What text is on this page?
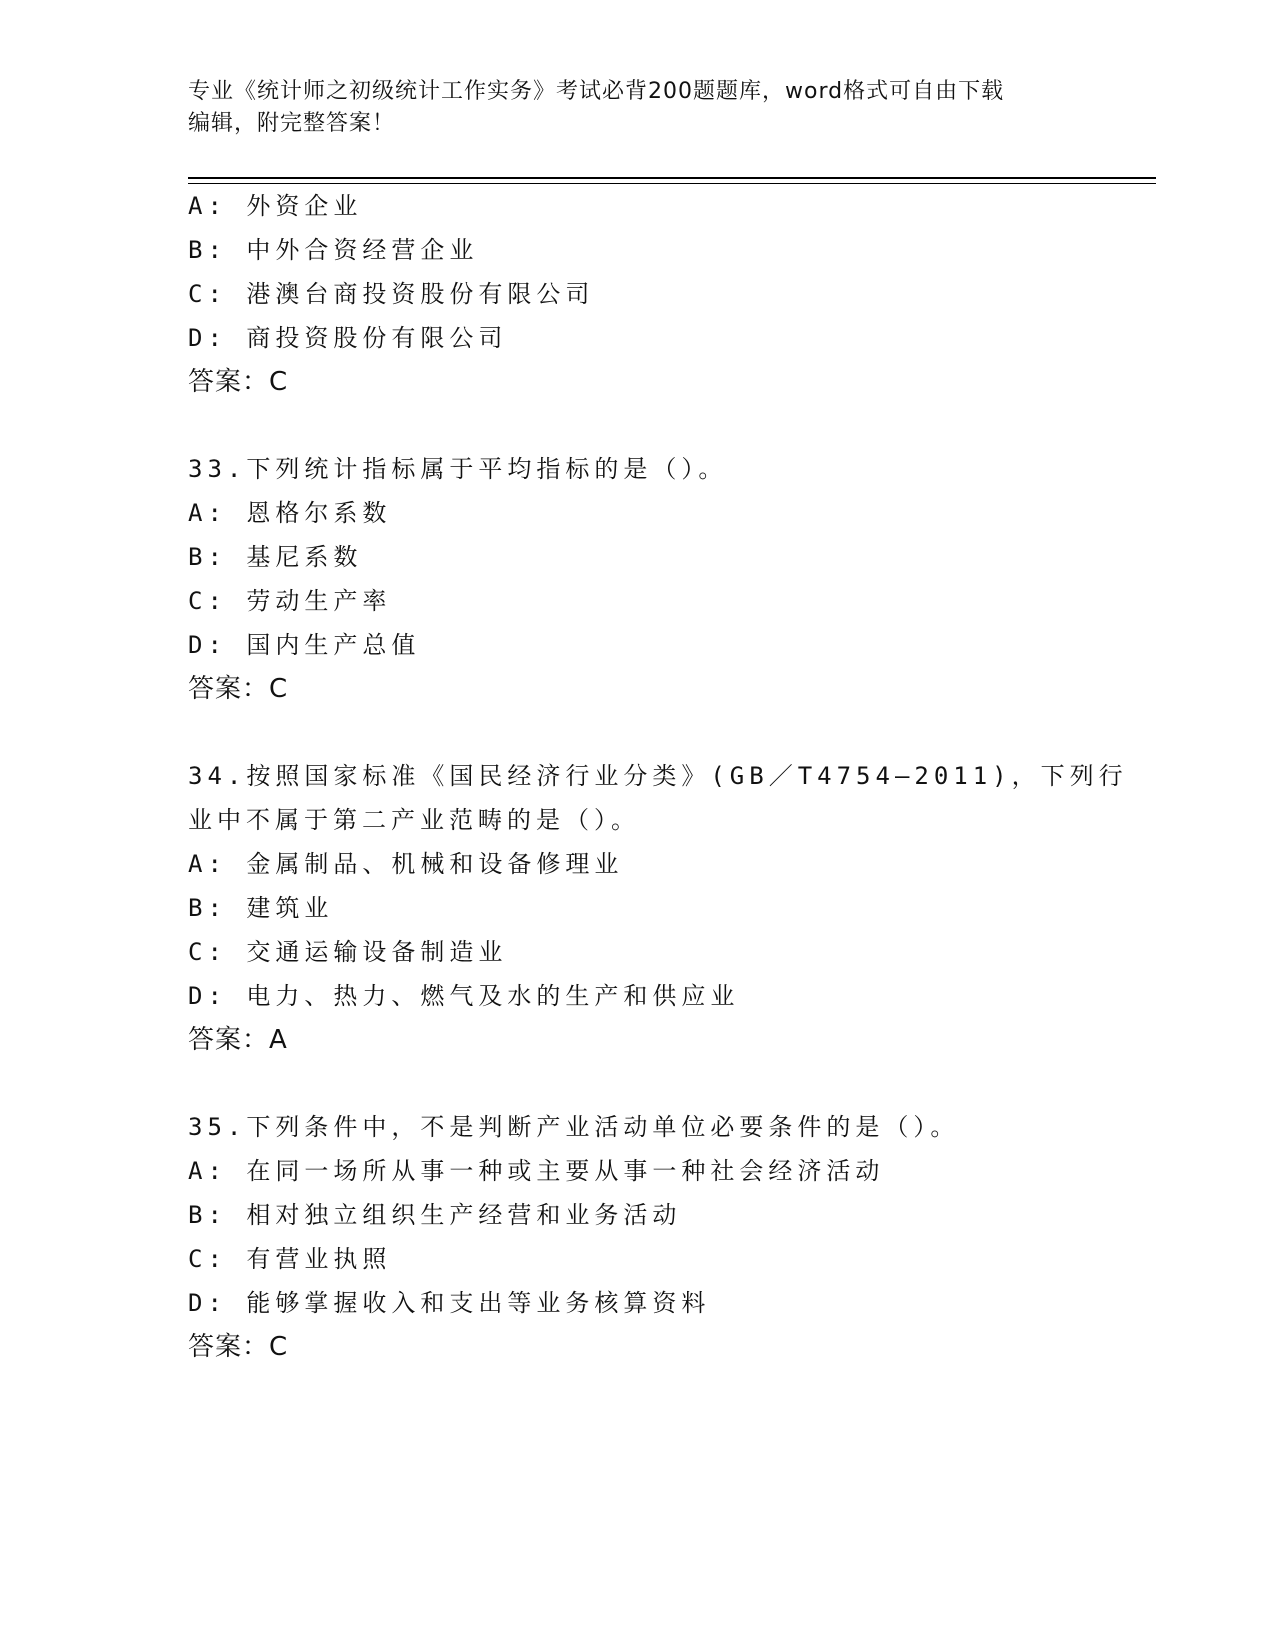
专业《统计师之初级统计工作实务》考试必背200题题库，word格式可自由下载
编辑，附完整答案！
A: 外资企业
B: 中外合资经营企业
C: 港澳台商投资股份有限公司
D: 商投资股份有限公司
答案：C
33.下列统计指标属于平均指标的是（）。
A: 恩格尔系数
B: 基尼系数
C: 劳动生产率
D: 国内生产总值
答案：C
34.按照国家标准《国民经济行业分类》(GB／T4754—2011)，下列行
业中不属于第二产业范畴的是（）。
A: 金属制品、机械和设备修理业
B: 建筑业
C: 交通运输设备制造业
D: 电力、热力、燃气及水的生产和供应业
答案：A
35.下列条件中，不是判断产业活动单位必要条件的是（）。
A: 在同一场所从事一种或主要从事一种社会经济活动
B: 相对独立组织生产经营和业务活动
C: 有营业执照
D: 能够掌握收入和支出等业务核算资料
答案：C
